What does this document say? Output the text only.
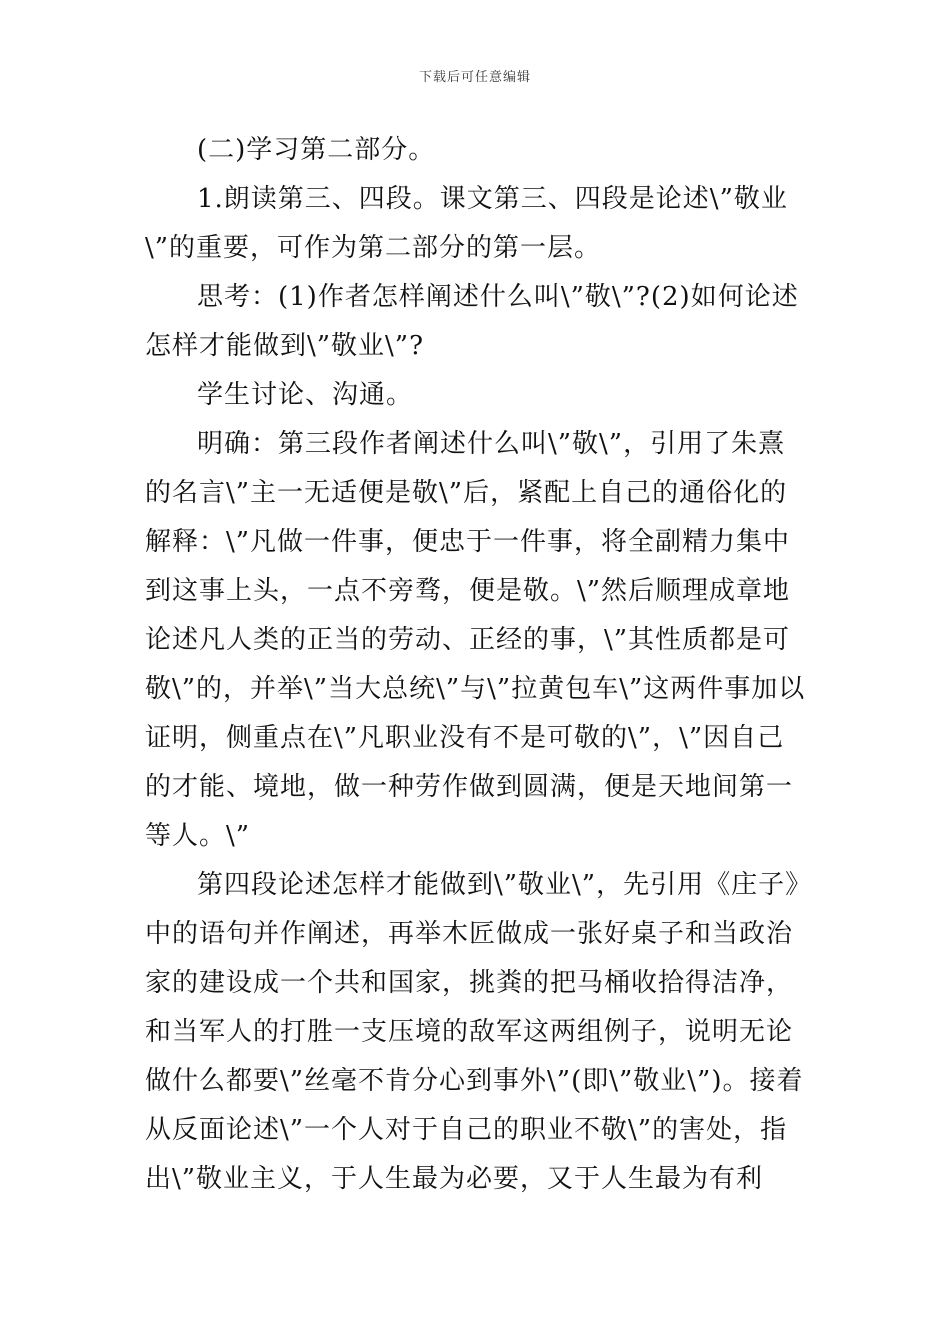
下载后可任意编辑

(二)学习第二部分。

1.朗读第三、四段。课文第三、四段是论述\”敬业\”的重要，可作为第二部分的第一层。

思考：(1)作者怎样阐述什么叫\”敬\”?(2)如何论述怎样才能做到\”敬业\”?

学生讨论、沟通。

明确：第三段作者阐述什么叫\”敬\”，引用了朱熹的名言\”主一无适便是敬\”后，紧配上自己的通俗化的解释：\”凡做一件事，便忠于一件事，将全副精力集中到这事上头，一点不旁骛，便是敬。\”然后顺理成章地论述凡人类的正当的劳动、正经的事，\”其性质都是可敬\”的，并举\”当大总统\”与\”拉黄包车\”这两件事加以证明，侧重点在\”凡职业没有不是可敬的\”，\”因自己的才能、境地，做一种劳作做到圆满，便是天地间第一等人。\”

第四段论述怎样才能做到\”敬业\”，先引用《庄子》中的语句并作阐述，再举木匠做成一张好桌子和当政治家的建设成一个共和国家，挑粪的把马桶收拾得洁净，和当军人的打胜一支压境的敌军这两组例子，说明无论做什么都要\”丝毫不肯分心到事外\”(即\”敬业\”)。接着从反面论述\”一个人对于自己的职业不敬\”的害处，指出\”敬业主义，于人生最为必要，又于人生最为有利
